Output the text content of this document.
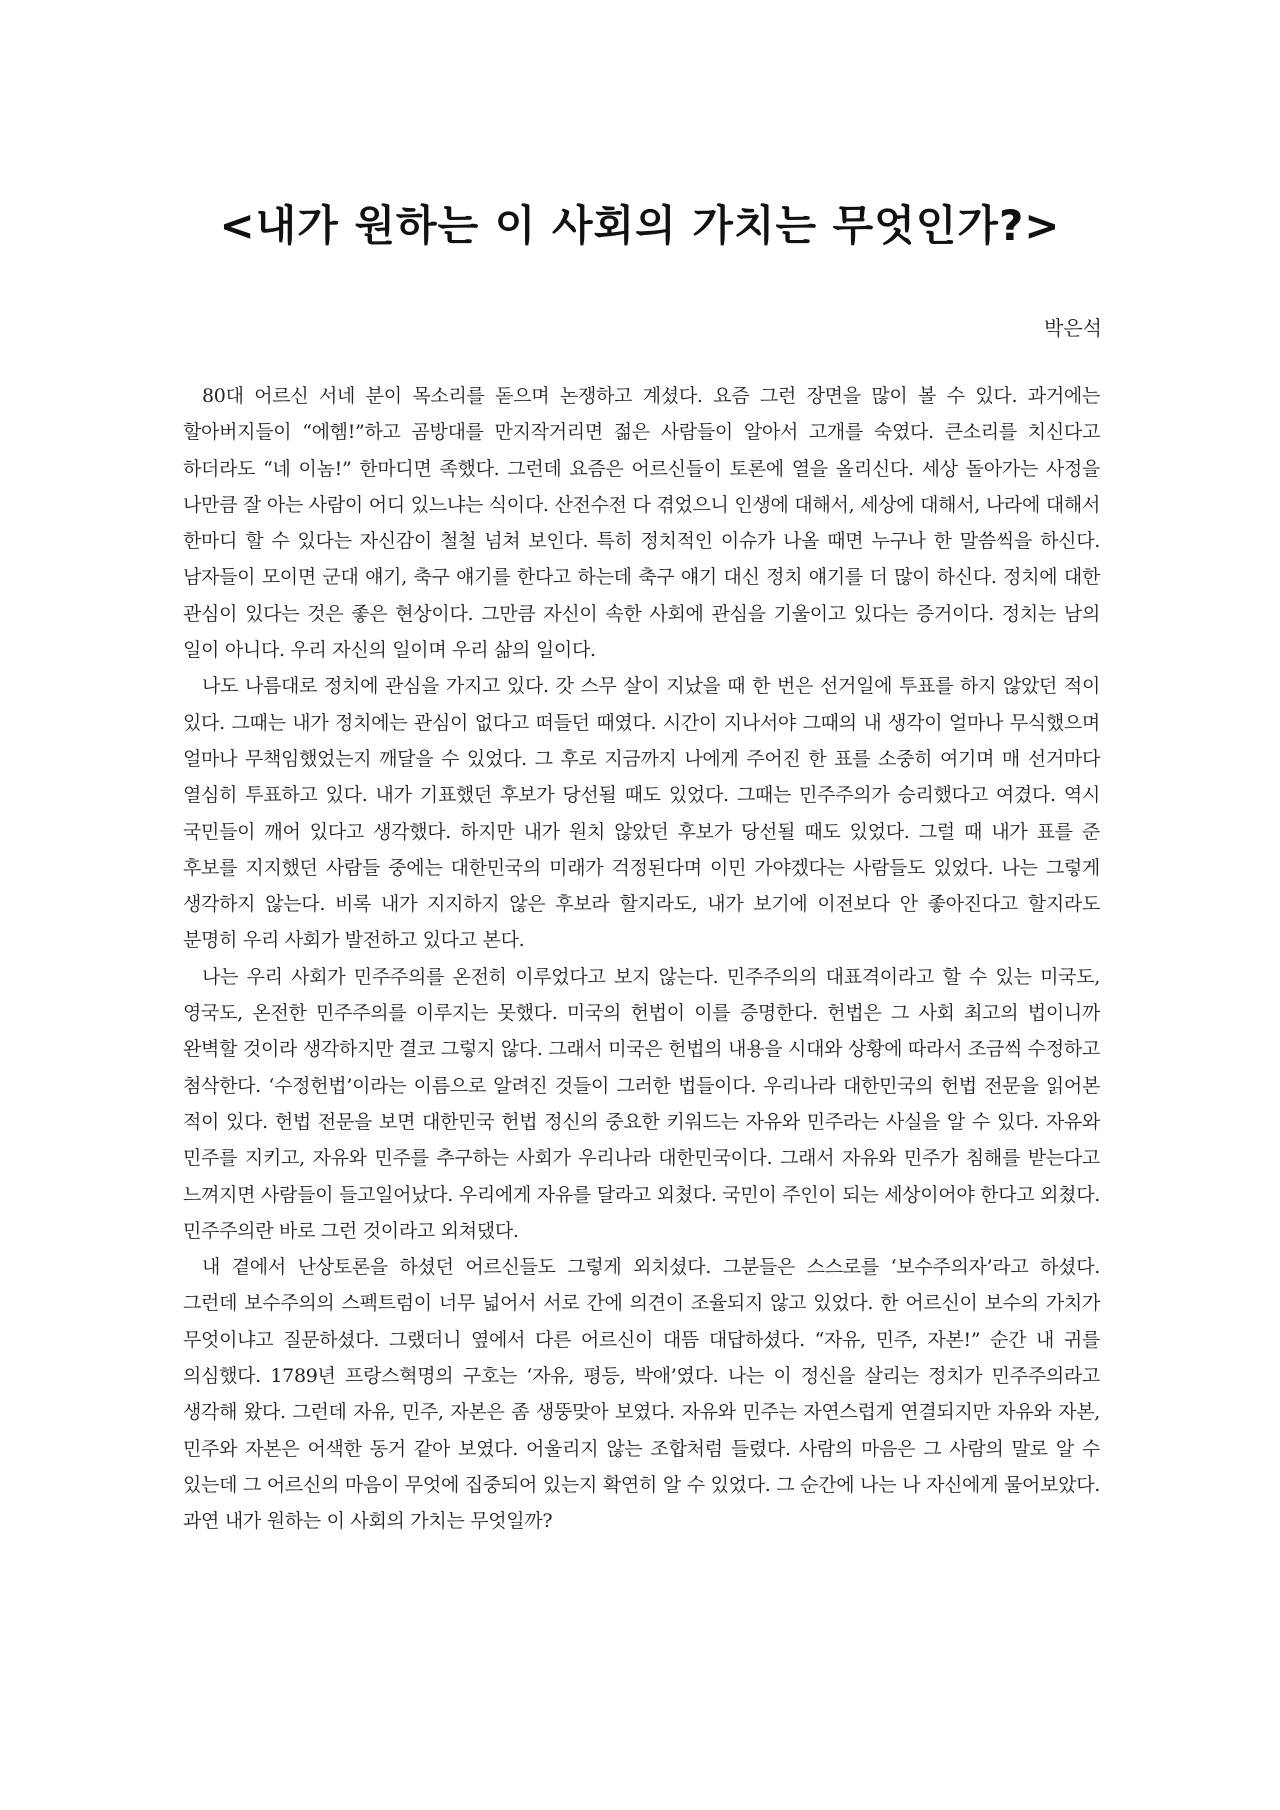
<내가 원하는 이 사회의 가치는 무엇인가?>
박은석

80대 어르신 서네 분이 목소리를 돋으며 논쟁하고 계셨다. 요즘 그런 장면을 많이 볼 수 있다. 과거에는 할아버지들이 “에헴!”하고 곰방대를 만지작거리면 젊은 사람들이 알아서 고개를 숙였다. 큰소리를 치신다고 하더라도 “네 이놈!” 한마디면 족했다. 그런데 요즘은 어르신들이 토론에 열을 올리신다. 세상 돌아가는 사정을 나만큼 잘 아는 사람이 어디 있느냐는 식이다. 산전수전 다 겪었으니 인생에 대해서, 세상에 대해서, 나라에 대해서 한마디 할 수 있다는 자신감이 철철 넘쳐 보인다. 특히 정치적인 이슈가 나올 때면 누구나 한 말씀씩을 하신다. 남자들이 모이면 군대 얘기, 축구 얘기를 한다고 하는데 축구 얘기 대신 정치 얘기를 더 많이 하신다. 정치에 대한 관심이 있다는 것은 좋은 현상이다. 그만큼 자신이 속한 사회에 관심을 기울이고 있다는 증거이다. 정치는 남의 일이 아니다. 우리 자신의 일이며 우리 삶의 일이다.

나도 나름대로 정치에 관심을 가지고 있다. 갓 스무 살이 지났을 때 한 번은 선거일에 투표를 하지 않았던 적이 있다. 그때는 내가 정치에는 관심이 없다고 떠들던 때였다. 시간이 지나서야 그때의 내 생각이 얼마나 무식했으며 얼마나 무책임했었는지 깨달을 수 있었다. 그 후로 지금까지 나에게 주어진 한 표를 소중히 여기며 매 선거마다 열심히 투표하고 있다. 내가 기표했던 후보가 당선될 때도 있었다. 그때는 민주주의가 승리했다고 여겼다. 역시 국민들이 깨어 있다고 생각했다. 하지만 내가 원치 않았던 후보가 당선될 때도 있었다. 그럴 때 내가 표를 준 후보를 지지했던 사람들 중에는 대한민국의 미래가 걱정된다며 이민 가야겠다는 사람들도 있었다. 나는 그렇게 생각하지 않는다. 비록 내가 지지하지 않은 후보라 할지라도, 내가 보기에 이전보다 안 좋아진다고 할지라도 분명히 우리 사회가 발전하고 있다고 본다.

나는 우리 사회가 민주주의를 온전히 이루었다고 보지 않는다. 민주주의의 대표격이라고 할 수 있는 미국도, 영국도, 온전한 민주주의를 이루지는 못했다. 미국의 헌법이 이를 증명한다. 헌법은 그 사회 최고의 법이니까 완벽할 것이라 생각하지만 결코 그렇지 않다. 그래서 미국은 헌법의 내용을 시대와 상황에 따라서 조금씩 수정하고 첨삭한다. ‘수정헌법’이라는 이름으로 알려진 것들이 그러한 법들이다. 우리나라 대한민국의 헌법 전문을 읽어본 적이 있다. 헌법 전문을 보면 대한민국 헌법 정신의 중요한 키워드는 자유와 민주라는 사실을 알 수 있다. 자유와 민주를 지키고, 자유와 민주를 추구하는 사회가 우리나라 대한민국이다. 그래서 자유와 민주가 침해를 받는다고 느껴지면 사람들이 들고일어났다. 우리에게 자유를 달라고 외쳤다. 국민이 주인이 되는 세상이어야 한다고 외쳤다. 민주주의란 바로 그런 것이라고 외쳐댔다.

내 곁에서 난상토론을 하셨던 어르신들도 그렇게 외치셨다. 그분들은 스스로를 ‘보수주의자’라고 하셨다. 그런데 보수주의의 스펙트럼이 너무 넓어서 서로 간에 의견이 조율되지 않고 있었다. 한 어르신이 보수의 가치가 무엇이냐고 질문하셨다. 그랬더니 옆에서 다른 어르신이 대뜸 대답하셨다. “자유, 민주, 자본!” 순간 내 귀를 의심했다. 1789년 프랑스혁명의 구호는 ‘자유, 평등, 박애’였다. 나는 이 정신을 살리는 정치가 민주주의라고 생각해 왔다. 그런데 자유, 민주, 자본은 좀 생뚱맞아 보였다. 자유와 민주는 자연스럽게 연결되지만 자유와 자본, 민주와 자본은 어색한 동거 같아 보였다. 어울리지 않는 조합처럼 들렸다. 사람의 마음은 그 사람의 말로 알 수 있는데 그 어르신의 마음이 무엇에 집중되어 있는지 확연히 알 수 있었다. 그 순간에 나는 나 자신에게 물어보았다. 과연 내가 원하는 이 사회의 가치는 무엇일까?
